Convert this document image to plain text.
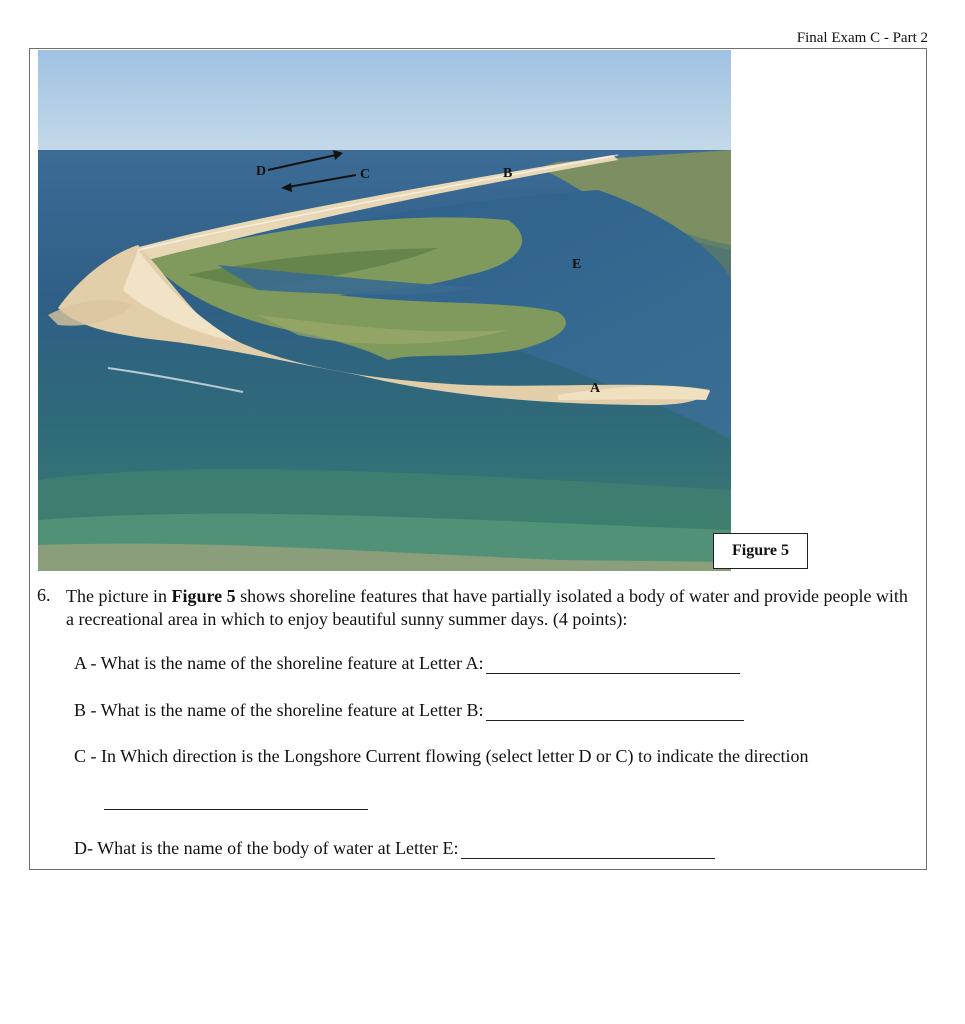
Final Exam C - Part 2
D	C	B
E
A
Figure 5
6. The picture in Figure 5 shows shoreline features that have partially isolated a body of water and provide people with a recreational area in which to enjoy beautiful sunny summer days. (4 points):
A - What is the name of the shoreline feature at Letter A:
B - What is the name of the shoreline feature at Letter B:
C - In Which direction is the Longshore Current flowing (select letter D or C) to indicate the direction
D- What is the name of the body of water at Letter E:
